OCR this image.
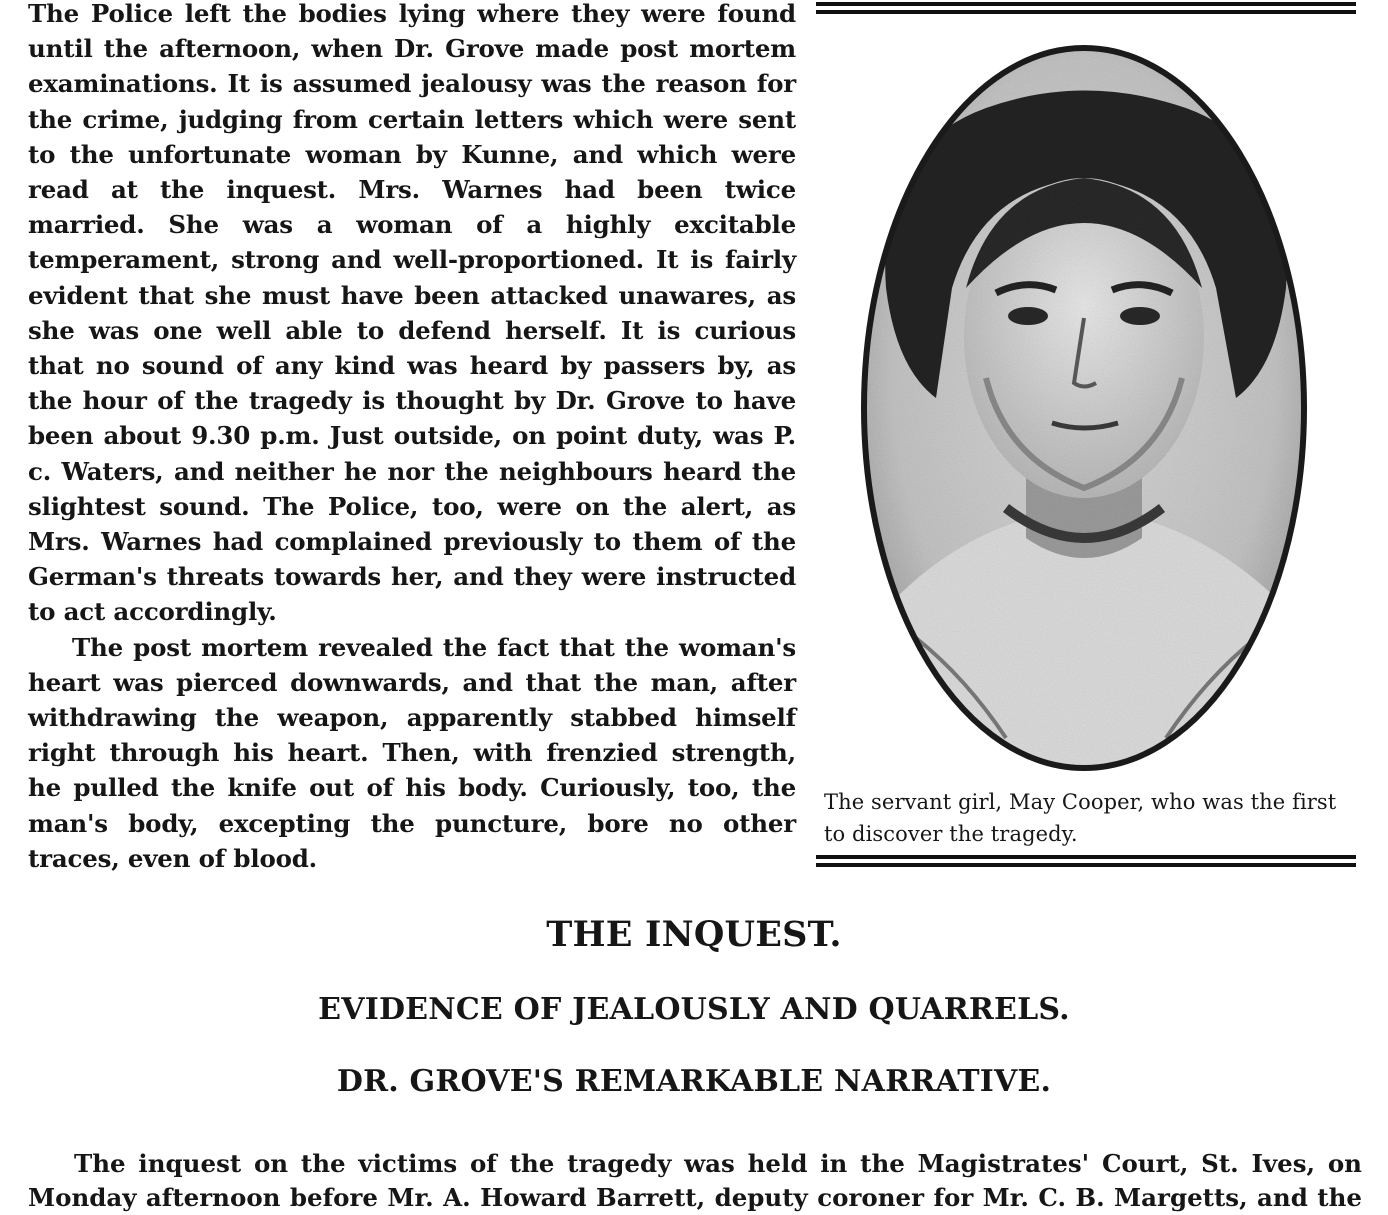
The Police left the bodies lying where they were found until the afternoon, when Dr. Grove made post mortem examinations. It is assumed jealousy was the reason for the crime, judging from certain letters which were sent to the unfortunate woman by Kunne, and which were read at the inquest. Mrs. Warnes had been twice married. She was a woman of a highly excitable temperament, strong and well-proportioned. It is fairly evident that she must have been attacked unawares, as she was one well able to defend herself. It is curious that no sound of any kind was heard by passers by, as the hour of the tragedy is thought by Dr. Grove to have been about 9.30 p.m. Just outside, on point duty, was P. c. Waters, and neither he nor the neighbours heard the slightest sound. The Police, too, were on the alert, as Mrs. Warnes had complained previously to them of the German's threats towards her, and they were instructed to act accordingly.

The post mortem revealed the fact that the woman's heart was pierced downwards, and that the man, after withdrawing the weapon, apparently stabbed himself right through his heart. Then, with frenzied strength, he pulled the knife out of his body. Curiously, too, the man's body, excepting the puncture, bore no other traces, even of blood.

The servant girl, May Cooper, who was the first to discover the tragedy.
THE INQUEST.
EVIDENCE OF JEALOUSLY AND QUARRELS.
DR. GROVE'S REMARKABLE NARRATIVE.

The inquest on the victims of the tragedy was held in the Magistrates' Court, St. Ives, on Monday afternoon before Mr. A. Howard Barrett, deputy coroner for Mr. C. B. Margetts, and the
